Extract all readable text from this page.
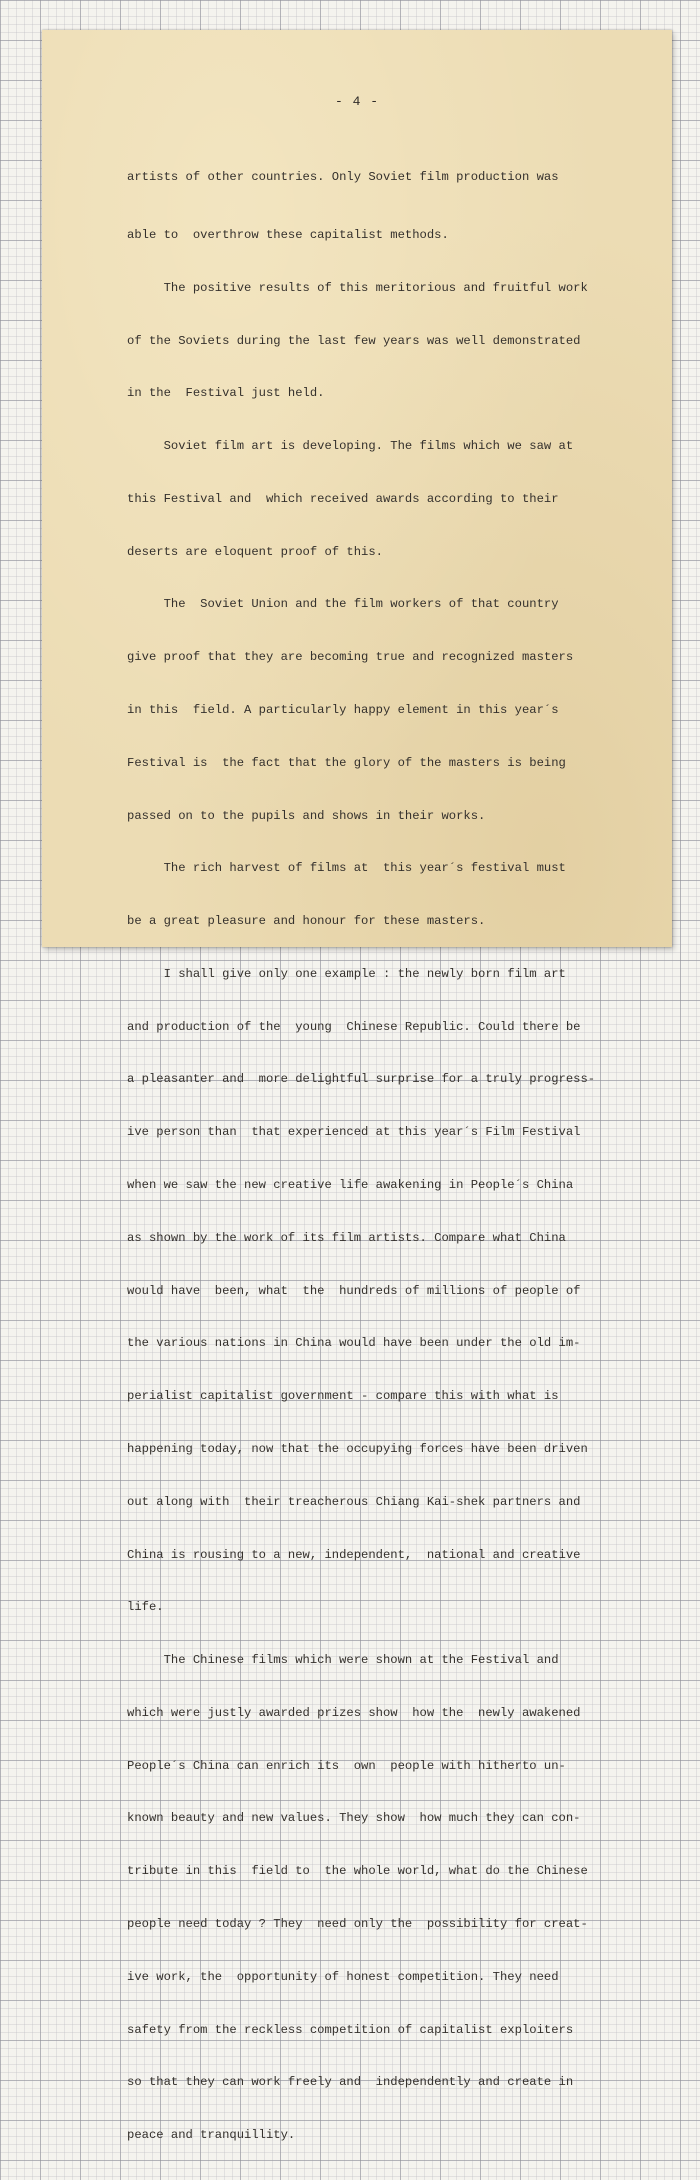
- 4 -

artists of other countries. Only Soviet film production was

able to  overthrow these capitalist methods.

The positive results of this meritorious and fruitful work

of the Soviets during the last few years was well demonstrated

in the  Festival just held.

Soviet film art is developing. The films which we saw at

this Festival and  which received awards according to their

deserts are eloquent proof of this.

The  Soviet Union and the film workers of that country

give proof that they are becoming true and recognized masters

in this  field. A particularly happy element in this year´s

Festival is  the fact that the glory of the masters is being

passed on to the pupils and shows in their works.

The rich harvest of films at  this year´s festival must

be a great pleasure and honour for these masters.

I shall give only one example : the newly born film art

and production of the  young  Chinese Republic. Could there be

a pleasanter and  more delightful surprise for a truly progress-

ive person than  that experienced at this year´s Film Festival

when we saw the new creative life awakening in People´s China

as shown by the work of its film artists. Compare what China

would have  been, what  the  hundreds of millions of people of

the various nations in China would have been under the old im-

perialist capitalist government - compare this with what is

happening today, now that the occupying forces have been driven

out along with  their treacherous Chiang Kai-shek partners and

China is rousing to a new, independent,  national and creative

life.

The Chinese films which were shown at the Festival and

which were justly awarded prizes show  how the  newly awakened

People´s China can enrich its  own  people with hitherto un-

known beauty and new values. They show  how much they can con-

tribute in this  field to  the whole world, what do the Chinese

people need today ? They  need only the  possibility for creat-

ive work, the  opportunity of honest competition. They need

safety from the reckless competition of capitalist exploiters

so that they can work freely and  independently and create in

peace and tranquillity.
